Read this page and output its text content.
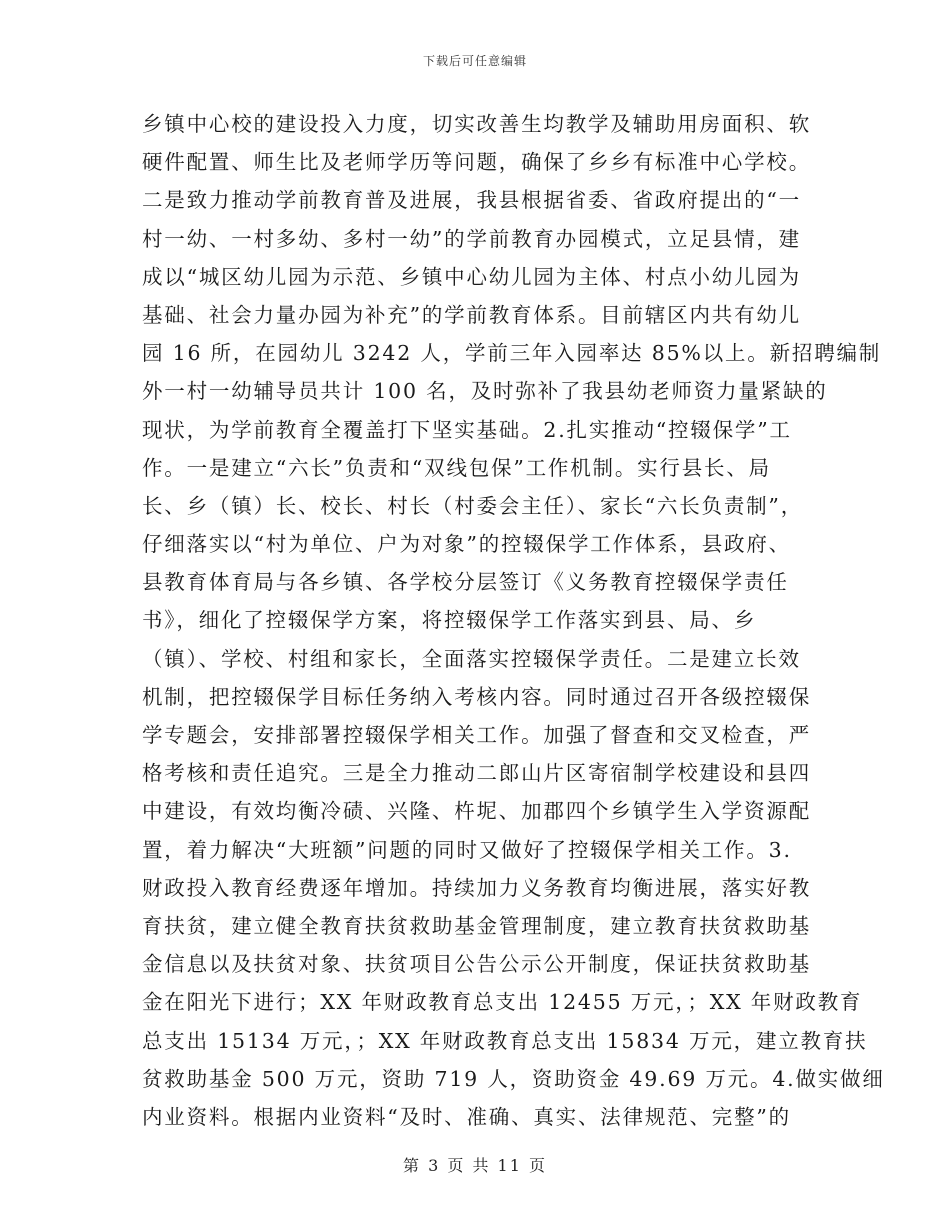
下载后可任意编辑
乡镇中心校的建设投入力度，切实改善生均教学及辅助用房面积、软
硬件配置、师生比及老师学历等问题，确保了乡乡有标准中心学校。
二是致力推动学前教育普及进展，我县根据省委、省政府提出的“一
村一幼、一村多幼、多村一幼”的学前教育办园模式，立足县情，建
成以“城区幼儿园为示范、乡镇中心幼儿园为主体、村点小幼儿园为
基础、社会力量办园为补充”的学前教育体系。目前辖区内共有幼儿
园 16 所，在园幼儿 3242 人，学前三年入园率达 85%以上。新招聘编制
外一村一幼辅导员共计 100 名，及时弥补了我县幼老师资力量紧缺的
现状，为学前教育全覆盖打下坚实基础。2.扎实推动“控辍保学”工
作。一是建立“六长”负责和“双线包保”工作机制。实行县长、局
长、乡（镇）长、校长、村长（村委会主任）、家长“六长负责制”，
仔细落实以“村为单位、户为对象”的控辍保学工作体系，县政府、
县教育体育局与各乡镇、各学校分层签订《义务教育控辍保学责任
书》，细化了控辍保学方案，将控辍保学工作落实到县、局、乡
（镇）、学校、村组和家长，全面落实控辍保学责任。二是建立长效
机制，把控辍保学目标任务纳入考核内容。同时通过召开各级控辍保
学专题会，安排部署控辍保学相关工作。加强了督查和交叉检查，严
格考核和责任追究。三是全力推动二郎山片区寄宿制学校建设和县四
中建设，有效均衡冷碛、兴隆、杵坭、加郡四个乡镇学生入学资源配
置，着力解决“大班额”问题的同时又做好了控辍保学相关工作。3.
财政投入教育经费逐年增加。持续加力义务教育均衡进展，落实好教
育扶贫，建立健全教育扶贫救助基金管理制度，建立教育扶贫救助基
金信息以及扶贫对象、扶贫项目公告公示公开制度，保证扶贫救助基
金在阳光下进行；XX 年财政教育总支出 12455 万元，；XX 年财政教育
总支出 15134 万元，；XX 年财政教育总支出 15834 万元，建立教育扶
贫救助基金 500 万元，资助 719 人，资助资金 49.69 万元。4.做实做细
内业资料。根据内业资料“及时、准确、真实、法律规范、完整”的
第 3 页 共 11 页
